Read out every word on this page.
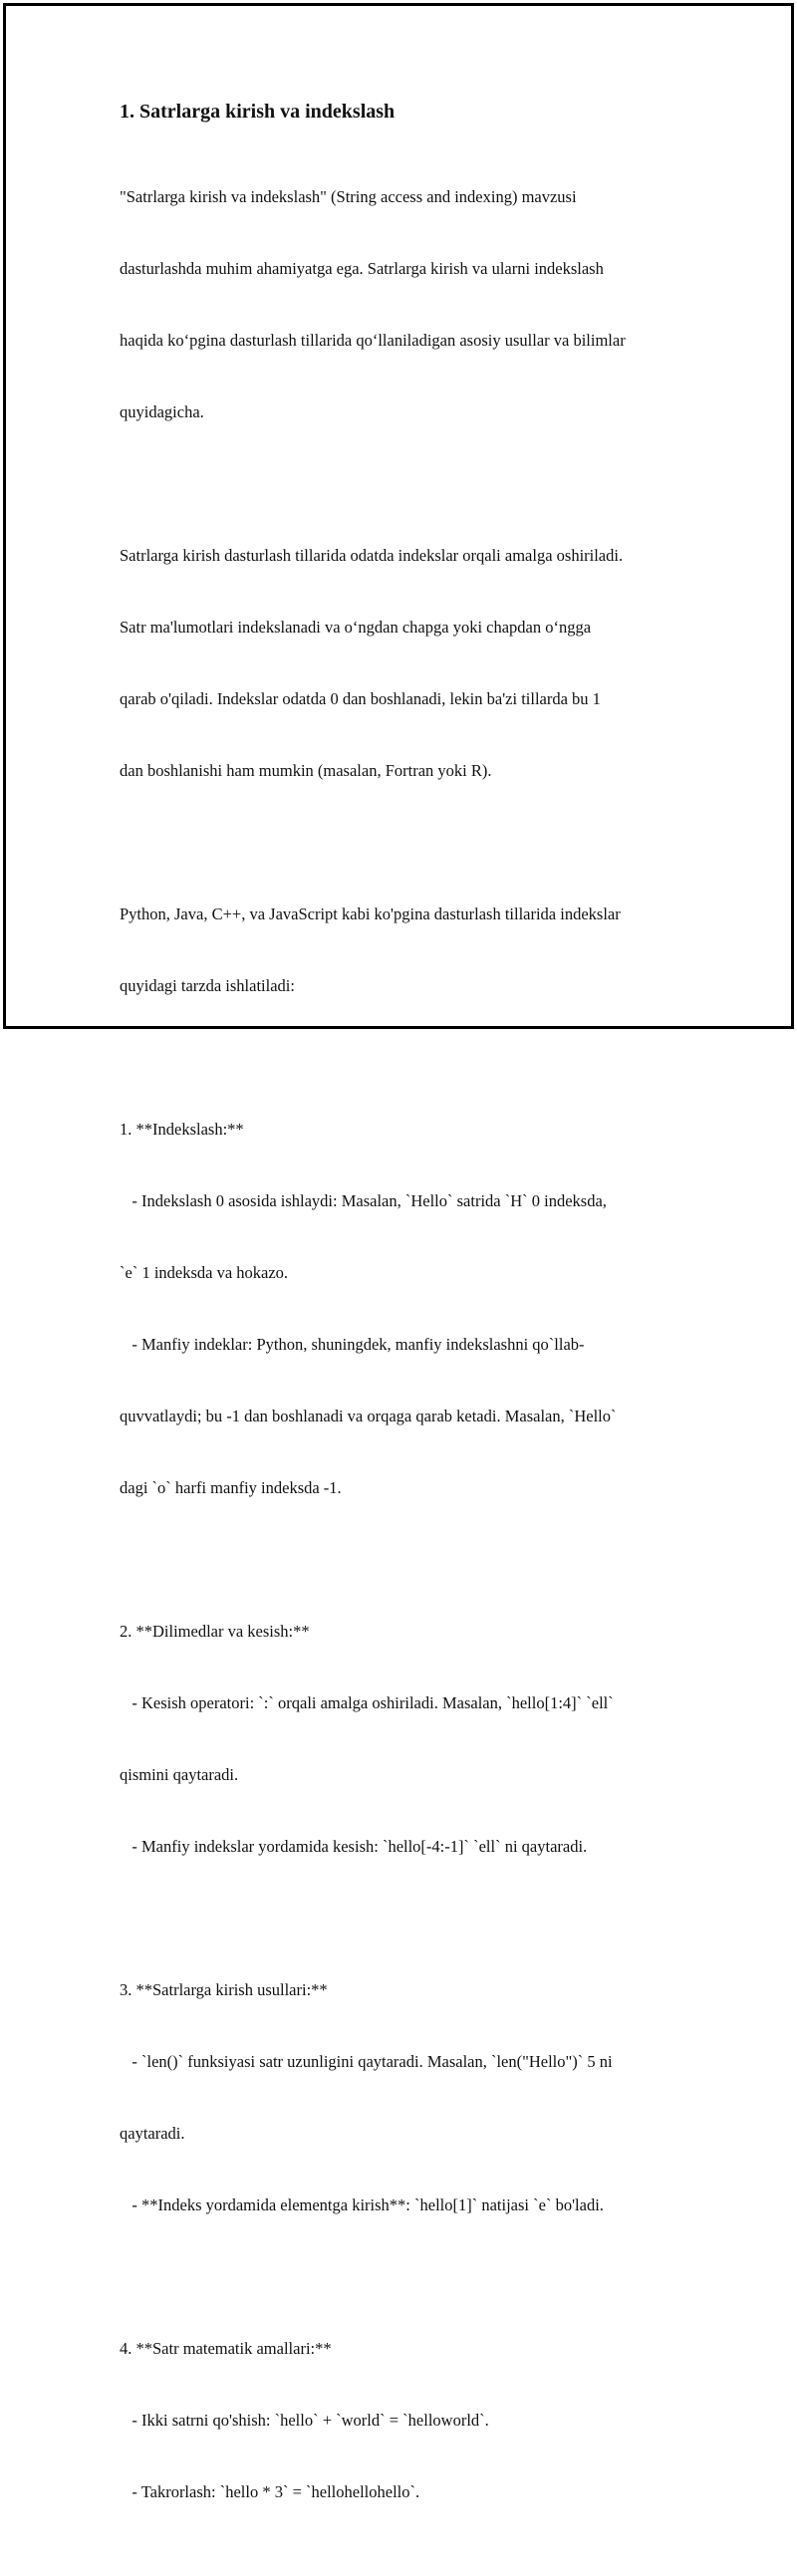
1. Satrlarga kirish va indekslash

"Satrlarga kirish va indekslash" (String access and indexing) mavzusi

dasturlashda muhim ahamiyatga ega. Satrlarga kirish va ularni indekslash

haqida ko‘pgina dasturlash tillarida qo‘llaniladigan asosiy usullar va bilimlar

quyidagicha.

Satrlarga kirish dasturlash tillarida odatda indekslar orqali amalga oshiriladi.

Satr ma'lumotlari indekslanadi va o‘ngdan chapga yoki chapdan o‘ngga

qarab o'qiladi. Indekslar odatda 0 dan boshlanadi, lekin ba'zi tillarda bu 1

dan boshlanishi ham mumkin (masalan, Fortran yoki R).

Python, Java, C++, va JavaScript kabi ko'pgina dasturlash tillarida indekslar

quyidagi tarzda ishlatiladi:

1. **Indekslash:**

- Indekslash 0 asosida ishlaydi: Masalan, `Hello` satrida `H` 0 indeksda,

`e` 1 indeksda va hokazo.

- Manfiy indeklar: Python, shuningdek, manfiy indekslashni qo`llab-

quvvatlaydi; bu -1 dan boshlanadi va orqaga qarab ketadi. Masalan, `Hello`

dagi `o` harfi manfiy indeksda -1.

2. **Dilimedlar va kesish:**

- Kesish operatori: `:` orqali amalga oshiriladi. Masalan, `hello[1:4]` `ell`

qismini qaytaradi.

- Manfiy indekslar yordamida kesish: `hello[-4:-1]` `ell` ni qaytaradi.

3. **Satrlarga kirish usullari:**

- `len()` funksiyasi satr uzunligini qaytaradi. Masalan, `len("Hello")` 5 ni

qaytaradi.

- **Indeks yordamida elementga kirish**: `hello[1]` natijasi `e` bo'ladi.

4. **Satr matematik amallari:**

- Ikki satrni qo'shish: `hello` + `world` = `helloworld`.

- Takrorlash: `hello * 3` = `hellohellohello`.
